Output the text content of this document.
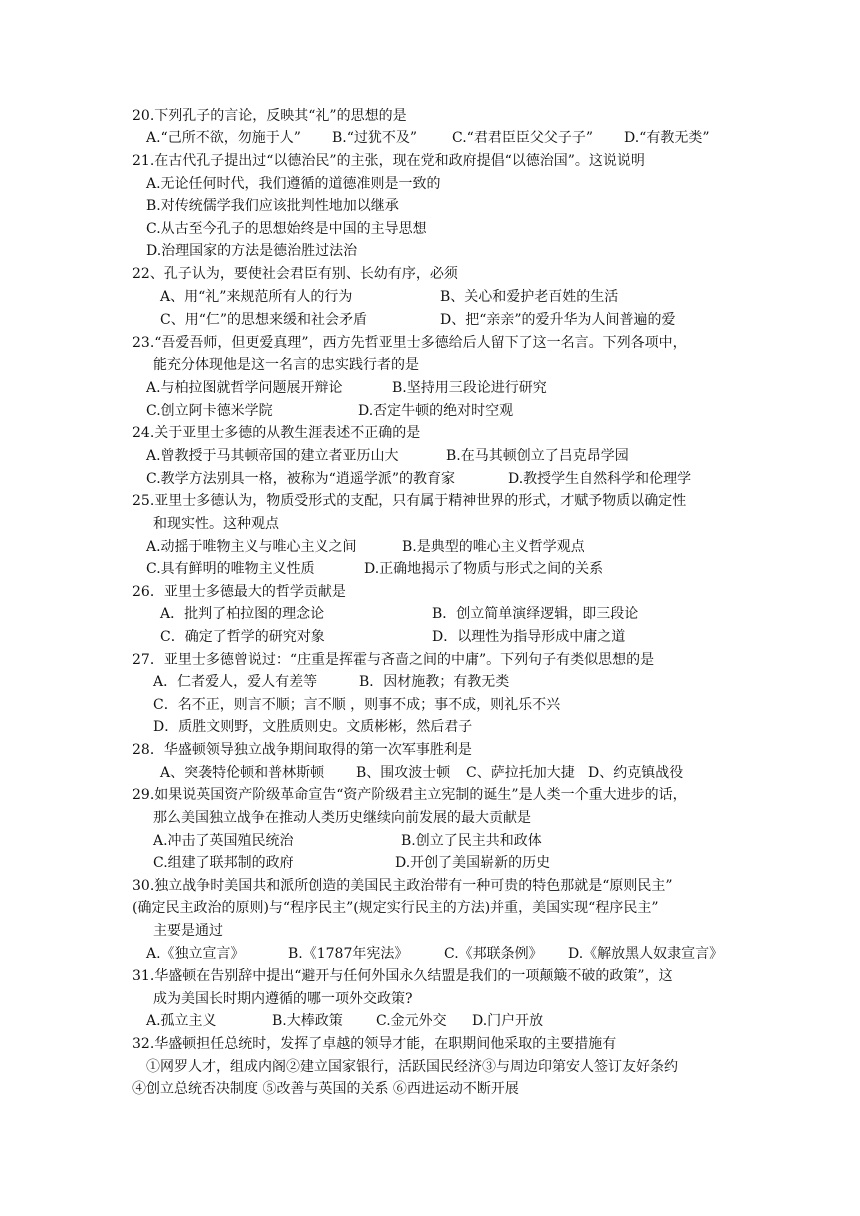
20.下列孔子的言论，反映其“礼”的思想的是
A.“己所不欲，勿施于人” B.“过犹不及” C.“君君臣臣父父子子” D.“有教无类”
21.在古代孔子提出过“以德治民”的主张，现在党和政府提倡“以德治国”。这说说明
A.无论任何时代，我们遵循的道德准则是一致的
B.对传统儒学我们应该批判性地加以继承
C.从古至今孔子的思想始终是中国的主导思想
D.治理国家的方法是德治胜过法治
22、孔子认为，要使社会君臣有别、长幼有序，必须
A、用“礼”来规范所有人的行为	B、关心和爱护老百姓的生活
C、用“仁”的思想来缓和社会矛盾	D、把“亲亲”的爱升华为人间普遍的爱
23.“吾爱吾师，但更爱真理”，西方先哲亚里士多德给后人留下了这一名言。下列各项中，
能充分体现他是这一名言的忠实践行者的是
A.与柏拉图就哲学问题展开辩论	B.坚持用三段论进行研究
C.创立阿卡德米学院	D.否定牛顿的绝对时空观
24.关于亚里士多德的从教生涯表述不正确的是
A.曾教授于马其顿帝国的建立者亚历山大	B.在马其顿创立了吕克昂学园
C.教学方法别具一格，被称为“逍遥学派”的教育家	D.教授学生自然科学和伦理学
25.亚里士多德认为，物质受形式的支配，只有属于精神世界的形式，才赋予物质以确定性
和现实性。这种观点
A.动摇于唯物主义与唯心主义之间	B.是典型的唯心主义哲学观点
C.具有鲜明的唯物主义性质	D.正确地揭示了物质与形式之间的关系
26．亚里士多德最大的哲学贡献是
A．批判了柏拉图的理念论	B．创立简单演绎逻辑，即三段论
C．确定了哲学的研究对象	D．以理性为指导形成中庸之道
27．亚里士多德曾说过：“庄重是挥霍与吝啬之间的中庸”。下列句子有类似思想的是
A．仁者爱人，爱人有差等	B．因材施教；有教无类
C．名不正，则言不顺；言不顺 ，则事不成；事不成，则礼乐不兴
D．质胜文则野，文胜质则史。文质彬彬，然后君子
28．华盛顿领导独立战争期间取得的第一次军事胜利是
A、突袭特伦顿和普林斯顿 B、围攻波士顿 C、萨拉托加大捷 D、约克镇战役
29.如果说英国资产阶级革命宣告“资产阶级君主立宪制的诞生”是人类一个重大进步的话，
那么美国独立战争在推动人类历史继续向前发展的最大贡献是
A.冲击了英国殖民统治	B.创立了民主共和政体
C.组建了联邦制的政府	D.开创了美国崭新的历史
30.独立战争时美国共和派所创造的美国民主政治带有一种可贵的特色那就是“原则民主”
(确定民主政治的原则)与“程序民主”(规定实行民主的方法)并重，美国实现“程序民主”
主要是通过
A.《独立宣言》	B.《1787年宪法》	C.《邦联条例》 D.《解放黑人奴隶宣言》
31.华盛顿在告别辞中提出“避开与任何外国永久结盟是我们的一项颠簸不破的政策”，这
成为美国长时期内遵循的哪一项外交政策?
A.孤立主义	B.大棒政策 C.金元外交 D.门户开放
32.华盛顿担任总统时，发挥了卓越的领导才能，在职期间他采取的主要措施有
①网罗人才，组成内阁②建立国家银行，活跃国民经济③与周边印第安人签订友好条约
④创立总统否决制度 ⑤改善与英国的关系 ⑥西进运动不断开展
